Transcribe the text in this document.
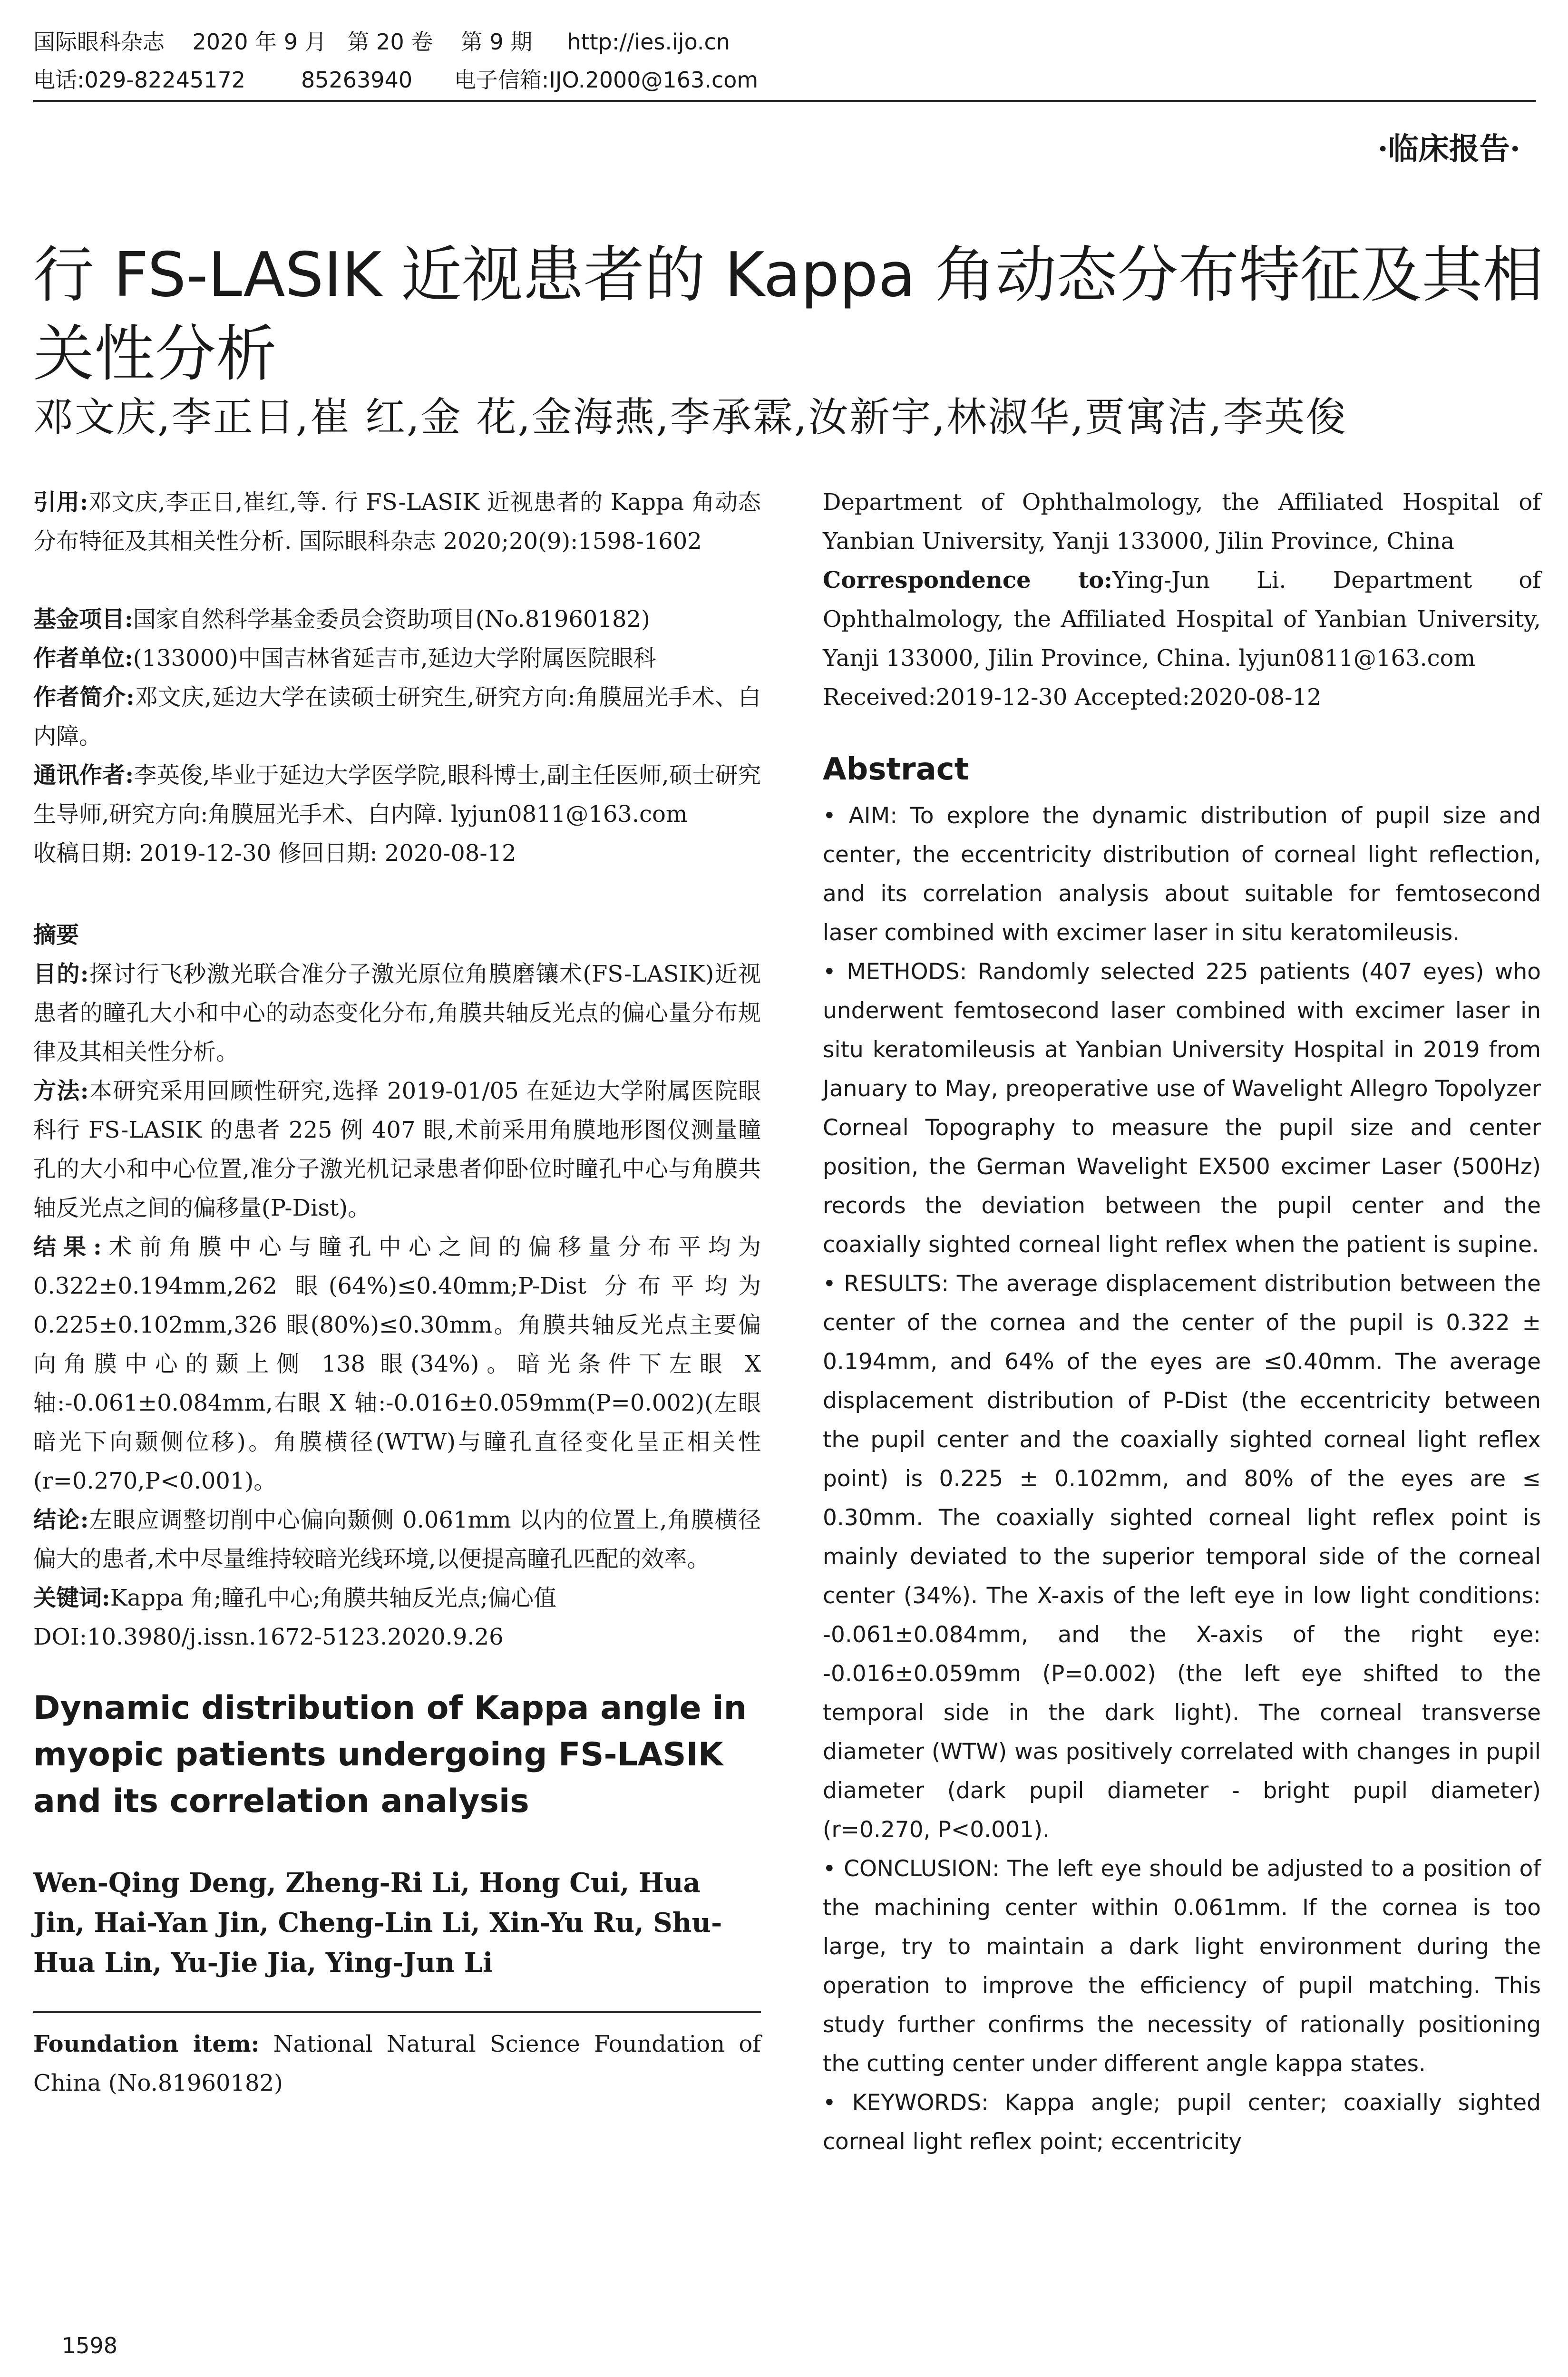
国际眼科杂志    2020 年 9 月   第 20 卷    第 9 期     http://ies.ijo.cn
电话:029-82245172        85263940      电子信箱:IJO.2000@163.com
·临床报告·
行 FS-LASIK 近视患者的 Kappa 角动态分布特征及其相关性分析
邓文庆,李正日,崔 红,金 花,金海燕,李承霖,汝新宇,林淑华,贾寓洁,李英俊

引用:邓文庆,李正日,崔红,等. 行 FS-LASIK 近视患者的 Kappa 角动态分布特征及其相关性分析. 国际眼科杂志 2020;20(9):1598-1602

基金项目:国家自然科学基金委员会资助项目(No.81960182)

作者单位:(133000)中国吉林省延吉市,延边大学附属医院眼科

作者简介:邓文庆,延边大学在读硕士研究生,研究方向:角膜屈光手术、白内障。

通讯作者:李英俊,毕业于延边大学医学院,眼科博士,副主任医师,硕士研究生导师,研究方向:角膜屈光手术、白内障. lyjun0811@163.com

收稿日期: 2019-12-30 修回日期: 2020-08-12

摘要

目的:探讨行飞秒激光联合准分子激光原位角膜磨镶术(FS-LASIK)近视患者的瞳孔大小和中心的动态变化分布,角膜共轴反光点的偏心量分布规律及其相关性分析。

方法:本研究采用回顾性研究,选择 2019-01/05 在延边大学附属医院眼科行 FS-LASIK 的患者 225 例 407 眼,术前采用角膜地形图仪测量瞳孔的大小和中心位置,准分子激光机记录患者仰卧位时瞳孔中心与角膜共轴反光点之间的偏移量(P-Dist)。

结果:术前角膜中心与瞳孔中心之间的偏移量分布平均为 0.322±0.194mm,262 眼(64%)≤0.40mm;P-Dist 分布平均为 0.225±0.102mm,326 眼(80%)≤0.30mm。角膜共轴反光点主要偏向角膜中心的颞上侧 138 眼(34%)。暗光条件下左眼 X 轴:-0.061±0.084mm,右眼 X 轴:-0.016±0.059mm(P=0.002)(左眼暗光下向颞侧位移)。角膜横径(WTW)与瞳孔直径变化呈正相关性(r=0.270,P<0.001)。

结论:左眼应调整切削中心偏向颞侧 0.061mm 以内的位置上,角膜横径偏大的患者,术中尽量维持较暗光线环境,以便提高瞳孔匹配的效率。

关键词:Kappa 角;瞳孔中心;角膜共轴反光点;偏心值

DOI:10.3980/j.issn.1672-5123.2020.9.26

Dynamic distribution of Kappa angle in myopic patients undergoing FS-LASIK and its correlation analysis

Wen-Qing Deng, Zheng-Ri Li, Hong Cui, Hua Jin, Hai-Yan Jin, Cheng-Lin Li, Xin-Yu Ru, Shu-Hua Lin, Yu-Jie Jia, Ying-Jun Li

Foundation item: National Natural Science Foundation of China (No.81960182)

Department of Ophthalmology, the Affiliated Hospital of Yanbian University, Yanji 133000, Jilin Province, China

Correspondence to:Ying-Jun Li. Department of Ophthalmology, the Affiliated Hospital of Yanbian University, Yanji 133000, Jilin Province, China. lyjun0811@163.com

Received:2019-12-30 Accepted:2020-08-12

Abstract

• AIM: To explore the dynamic distribution of pupil size and center, the eccentricity distribution of corneal light reflection, and its correlation analysis about suitable for femtosecond laser combined with excimer laser in situ keratomileusis.

• METHODS: Randomly selected 225 patients (407 eyes) who underwent femtosecond laser combined with excimer laser in situ keratomileusis at Yanbian University Hospital in 2019 from January to May, preoperative use of Wavelight Allegro Topolyzer Corneal Topography to measure the pupil size and center position, the German Wavelight EX500 excimer Laser (500Hz) records the deviation between the pupil center and the coaxially sighted corneal light reflex when the patient is supine.

• RESULTS: The average displacement distribution between the center of the cornea and the center of the pupil is 0.322 ± 0.194mm, and 64% of the eyes are ≤0.40mm. The average displacement distribution of P-Dist (the eccentricity between the pupil center and the coaxially sighted corneal light reflex point) is 0.225 ± 0.102mm, and 80% of the eyes are ≤ 0.30mm. The coaxially sighted corneal light reflex point is mainly deviated to the superior temporal side of the corneal center (34%). The X-axis of the left eye in low light conditions: -0.061±0.084mm, and the X-axis of the right eye: -0.016±0.059mm (P=0.002) (the left eye shifted to the temporal side in the dark light). The corneal transverse diameter (WTW) was positively correlated with changes in pupil diameter (dark pupil diameter - bright pupil diameter) (r=0.270, P<0.001).

• CONCLUSION: The left eye should be adjusted to a position of the machining center within 0.061mm. If the cornea is too large, try to maintain a dark light environment during the operation to improve the efficiency of pupil matching. This study further confirms the necessity of rationally positioning the cutting center under different angle kappa states.

• KEYWORDS: Kappa angle; pupil center; coaxially sighted corneal light reflex point; eccentricity

1598
